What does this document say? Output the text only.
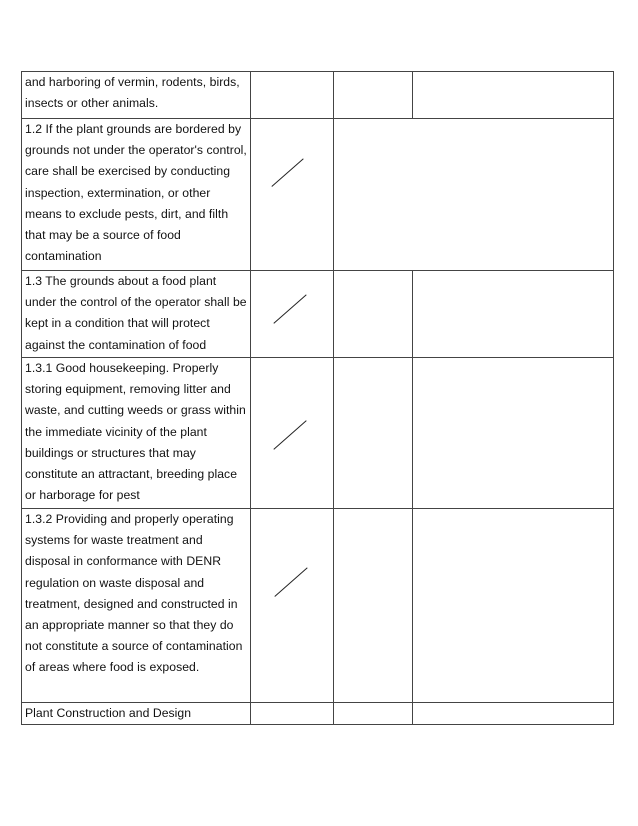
and harboring of vermin, rodents, birds, insects or other animals.			

1.2 If the plant grounds are bordered by grounds not under the operator's control, care shall be exercised by conducting inspection, extermination, or other means to exclude pests, dirt, and filth that may be a source of food contamination

1.3 The grounds about a food plant under the control of the operator shall be kept in a condition that will protect against the contamination of food

1.3.1 Good housekeeping. Properly storing equipment, removing litter and waste, and cutting weeds or grass within the immediate vicinity of the plant buildings or structures that may constitute an attractant, breeding place or harborage for pest

1.3.2 Providing and properly operating systems for waste treatment and disposal in conformance with DENR regulation on waste disposal and treatment, designed and constructed in an appropriate manner so that they do not constitute a source of contamination of areas where food is exposed.

Plant Construction and Design			
